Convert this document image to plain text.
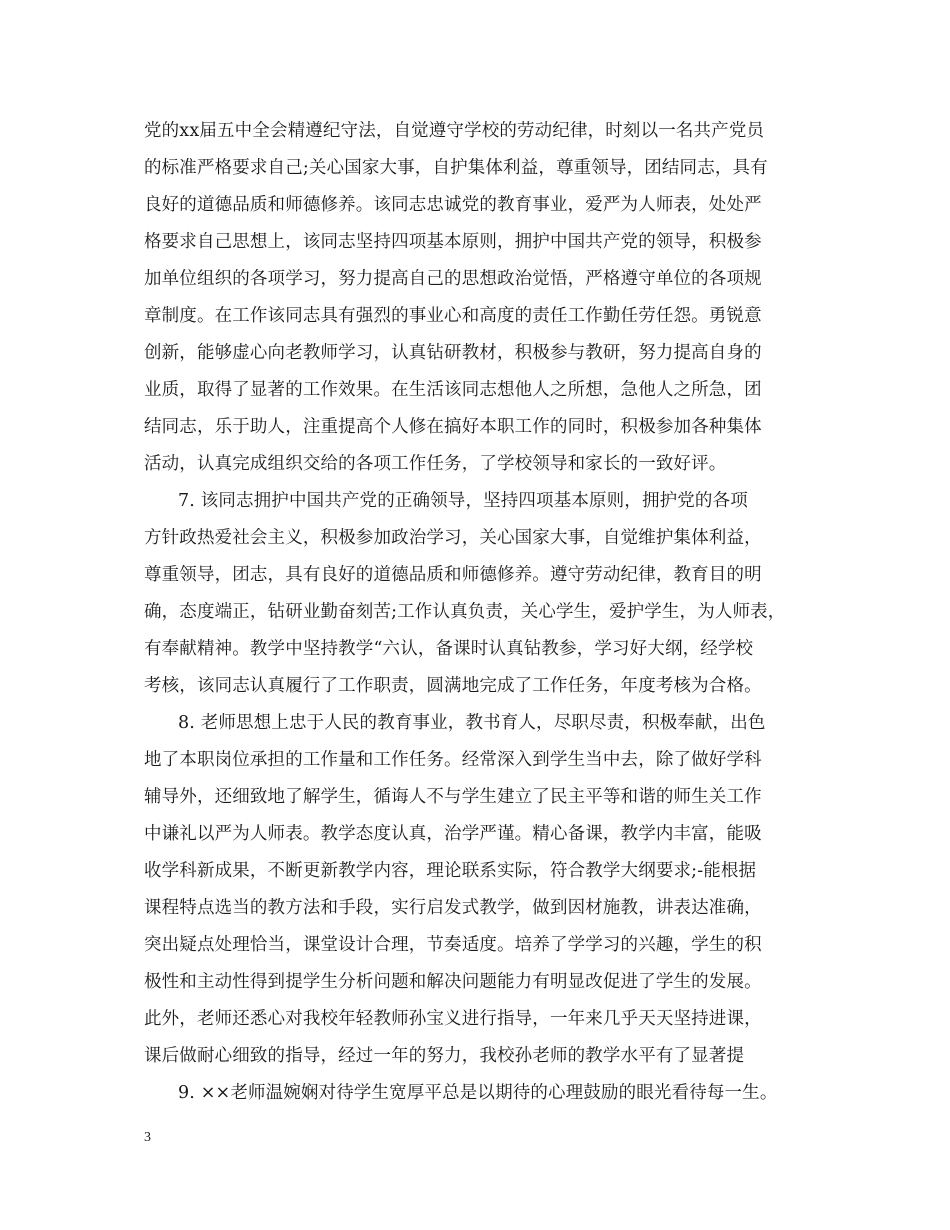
党的xx届五中全会精遵纪守法，自觉遵守学校的劳动纪律，时刻以一名共产党员
的标准严格要求自己;关心国家大事，自护集体利益，尊重领导，团结同志，具有
良好的道德品质和师德修养。该同志忠诚党的教育事业，爱严为人师表，处处严
格要求自己思想上，该同志坚持四项基本原则，拥护中国共产党的领导，积极参
加单位组织的各项学习，努力提高自己的思想政治觉悟，严格遵守单位的各项规
章制度。在工作该同志具有强烈的事业心和高度的责任工作勤任劳任怨。勇锐意
创新，能够虚心向老教师学习，认真钻研教材，积极参与教研，努力提高自身的
业质，取得了显著的工作效果。在生活该同志想他人之所想，急他人之所急，团
结同志，乐于助人，注重提高个人修在搞好本职工作的同时，积极参加各种集体
活动，认真完成组织交给的各项工作任务，了学校领导和家长的一致好评。
7. 该同志拥护中国共产党的正确领导，坚持四项基本原则，拥护党的各项
方针政热爱社会主义，积极参加政治学习，关心国家大事，自觉维护集体利益，
尊重领导，团志，具有良好的道德品质和师德修养。遵守劳动纪律，教育目的明
确，态度端正，钻研业勤奋刻苦;工作认真负责，关心学生，爱护学生，为人师表，
有奉献精神。教学中坚持教学“六认，备课时认真钻教参，学习好大纲，经学校
考核，该同志认真履行了工作职责，圆满地完成了工作任务，年度考核为合格。
8. 老师思想上忠于人民的教育事业，教书育人，尽职尽责，积极奉献，出色
地了本职岗位承担的工作量和工作任务。经常深入到学生当中去，除了做好学科
辅导外，还细致地了解学生，循诲人不与学生建立了民主平等和谐的师生关工作
中谦礼以严为人师表。教学态度认真，治学严谨。精心备课，教学内丰富，能吸
收学科新成果，不断更新教学内容，理论联系实际，符合教学大纲要求;-能根据
课程特点选当的教方法和手段，实行启发式教学，做到因材施教，讲表达准确，
突出疑点处理恰当，课堂设计合理，节奏适度。培养了学学习的兴趣，学生的积
极性和主动性得到提学生分析问题和解决问题能力有明显改促进了学生的发展。
此外，老师还悉心对我校年轻教师孙宝义进行指导，一年来几乎天天坚持进课，
课后做耐心细致的指导，经过一年的努力，我校孙老师的教学水平有了显著提
9. ××老师温婉娴对待学生宽厚平总是以期待的心理鼓励的眼光看待每一生。
3
